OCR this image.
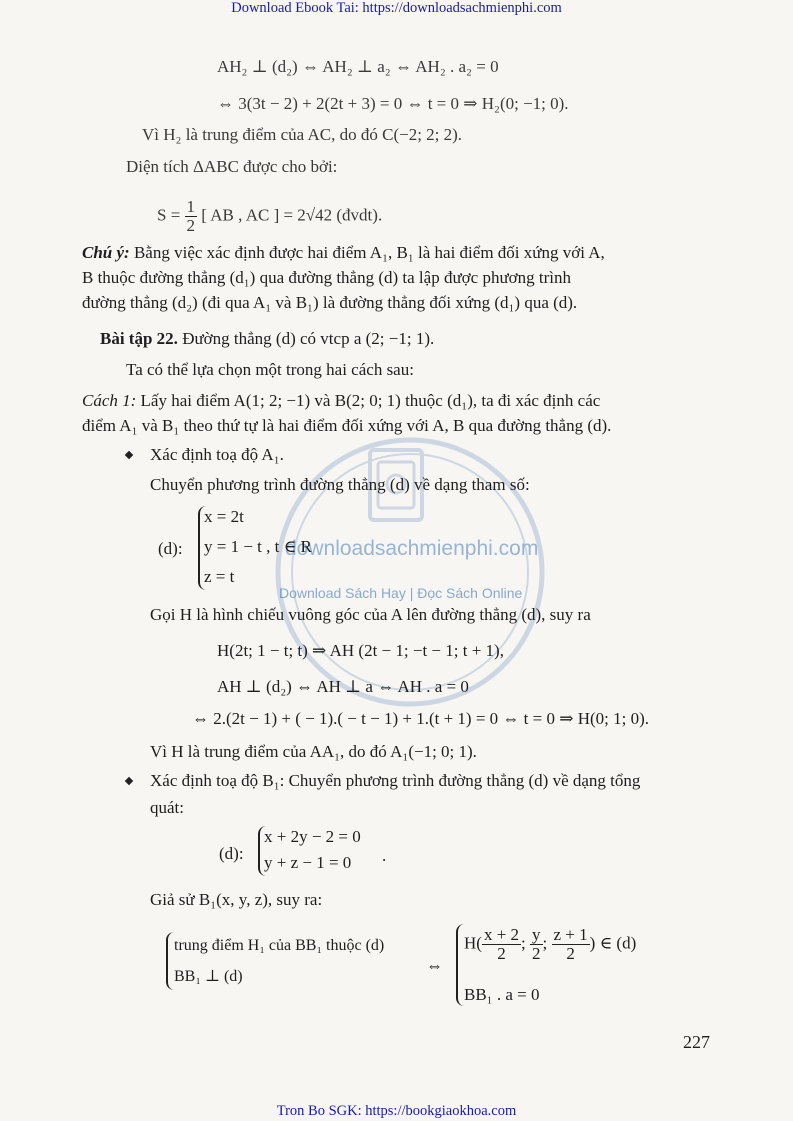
Download Ebook Tai: https://downloadsachmienphi.com
downloadsachmienphi.com
Download Sách Hay | Đọc Sách Online
AH₂ ⊥ (d₂) ⇔ AH₂ ⊥ a₂ ⇔ AH₂ . a₂ = 0
⇔ 3(3t − 2) + 2(2t + 3) = 0 ⇔ t = 0 ⇒ H₂(0; −1; 0).
Vì H₂ là trung điểm của AC, do đó C(−2; 2; 2).
Diện tích ΔABC được cho bởi:
$S = \frac{1}{2}$ [ AB , AC ] = 2√42 (đvdt).
Chú ý: Bằng việc xác định được hai điểm A₁, B₁ là hai điểm đối xứng với A,
B thuộc đường thẳng (d₁) qua đường thẳng (d) ta lập được phương trình
đường thẳng (d₂) (đi qua A₁ và B₁) là đường thẳng đối xứng (d₁) qua (d).
Bài tập 22. Đường thẳng (d) có vtcp a (2; −1; 1).
Ta có thể lựa chọn một trong hai cách sau:
Cách 1: Lấy hai điểm A(1; 2; −1) và B(2; 0; 1) thuộc (d₁), ta đi xác định các
điểm A₁ và B₁ theo thứ tự là hai điểm đối xứng với A, B qua đường thẳng (d).
Xác định toạ độ A₁.
Chuyển phương trình đường thẳng (d) về dạng tham số:
(d):
x = 2t
y = 1 − t , t ∈ R
z = t
Gọi H là hình chiếu vuông góc của A lên đường thẳng (d), suy ra
H(2t; 1 − t; t) ⇒ AH (2t − 1; −t − 1; t + 1),
AH ⊥ (d₂) ⇔ AH ⊥ a ⇔ AH . a = 0
⇔ 2.(2t − 1) + ( − 1).( − t − 1) + 1.(t + 1) = 0 ⇔ t = 0 ⇒ H(0; 1; 0).
Vì H là trung điểm của AA₁, do đó A₁(−1; 0; 1).
Xác định toạ độ B₁: Chuyển phương trình đường thẳng (d) về dạng tổng
quát:
(d):
x + 2y − 2 = 0
y + z − 1 = 0 .
Giả sử B₁(x, y, z), suy ra:
trung điểm H₁ của BB₁ thuộc (d)
BB₁ ⊥ (d)
⇔
$H( \frac{x + 2}{2}$ ; $\frac{y}{2}$ ; $\frac{z + 1}{2}$ ) ∈ (d)
BB₁ . a = 0
227
Tron Bo SGK: https://bookgiaokhoa.com
